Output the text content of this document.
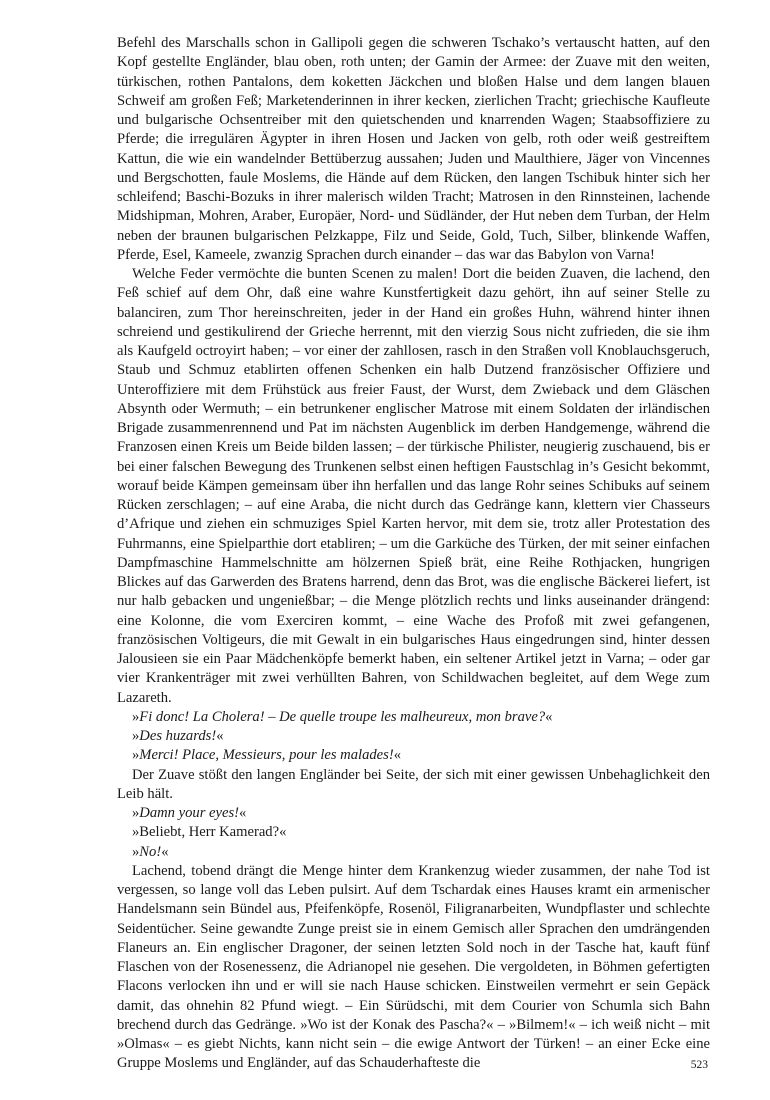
Befehl des Marschalls schon in Gallipoli gegen die schweren Tschako’s vertauscht hatten, auf den Kopf gestellte Engländer, blau oben, roth unten; der Gamin der Armee: der Zuave mit den weiten, türkischen, rothen Pantalons, dem koketten Jäckchen und bloßen Halse und dem langen blauen Schweif am großen Feß; Marketenderinnen in ihrer kecken, zierlichen Tracht; griechische Kaufleute und bulgarische Ochsentreiber mit den quietschenden und knarrenden Wagen; Staabsoffiziere zu Pferde; die irregulären Ägypter in ihren Hosen und Jacken von gelb, roth oder weiß gestreiftem Kattun, die wie ein wandelnder Bettüberzug aussahen; Juden und Maulthiere, Jäger von Vincennes und Bergschotten, faule Moslems, die Hände auf dem Rücken, den langen Tschibuk hinter sich her schleifend; Baschi-Bozuks in ihrer malerisch wilden Tracht; Matrosen in den Rinnsteinen, lachende Midshipman, Mohren, Araber, Europäer, Nord- und Südländer, der Hut neben dem Turban, der Helm neben der braunen bulgarischen Pelzkappe, Filz und Seide, Gold, Tuch, Silber, blinkende Waffen, Pferde, Esel, Kameele, zwanzig Sprachen durch einander – das war das Babylon von Varna!

Welche Feder vermöchte die bunten Scenen zu malen! Dort die beiden Zuaven, die lachend, den Feß schief auf dem Ohr, daß eine wahre Kunstfertigkeit dazu gehört, ihn auf seiner Stelle zu balanciren, zum Thor hereinschreiten, jeder in der Hand ein großes Huhn, während hinter ihnen schreiend und gestikulirend der Grieche herrennt, mit den vierzig Sous nicht zufrieden, die sie ihm als Kaufgeld octroyirt haben; – vor einer der zahllosen, rasch in den Straßen voll Knoblauchsgeruch, Staub und Schmuz etablirten offenen Schenken ein halb Dutzend französischer Offiziere und Unteroffiziere mit dem Frühstück aus freier Faust, der Wurst, dem Zwieback und dem Gläschen Absynth oder Wermuth; – ein betrunkener englischer Matrose mit einem Soldaten der irländischen Brigade zusammenrennend und Pat im nächsten Augenblick im derben Handgemenge, während die Franzosen einen Kreis um Beide bilden lassen; – der türkische Philister, neugierig zuschauend, bis er bei einer falschen Bewegung des Trunkenen selbst einen heftigen Faustschlag in’s Gesicht bekommt, worauf beide Kämpen gemeinsam über ihn herfallen und das lange Rohr seines Schibuks auf seinem Rücken zerschlagen; – auf eine Araba, die nicht durch das Gedränge kann, klettern vier Chasseurs d’Afrique und ziehen ein schmuziges Spiel Karten hervor, mit dem sie, trotz aller Protestation des Fuhrmanns, eine Spielparthie dort etabliren; – um die Garküche des Türken, der mit seiner einfachen Dampfmaschine Hammelschnitte am hölzernen Spieß brät, eine Reihe Rothjacken, hungrigen Blickes auf das Garwerden des Bratens harrend, denn das Brot, was die englische Bäckerei liefert, ist nur halb gebacken und ungenießbar; – die Menge plötzlich rechts und links auseinander drängend: eine Kolonne, die vom Exerciren kommt, – eine Wache des Profoß mit zwei gefangenen, französischen Voltigeurs, die mit Gewalt in ein bulgarisches Haus eingedrungen sind, hinter dessen Jalousieen sie ein Paar Mädchenköpfe bemerkt haben, ein seltener Artikel jetzt in Varna; – oder gar vier Krankenträger mit zwei verhüllten Bahren, von Schildwachen begleitet, auf dem Wege zum Lazareth.

»Fi donc! La Cholera! – De quelle troupe les malheureux, mon brave?«

»Des huzards!«

»Merci! Place, Messieurs, pour les malades!«

Der Zuave stößt den langen Engländer bei Seite, der sich mit einer gewissen Unbehaglichkeit den Leib hält.

»Damn your eyes!«

»Beliebt, Herr Kamerad?«

»No!«

Lachend, tobend drängt die Menge hinter dem Krankenzug wieder zusammen, der nahe Tod ist vergessen, so lange voll das Leben pulsirt. Auf dem Tschardak eines Hauses kramt ein armenischer Handelsmann sein Bündel aus, Pfeifenköpfe, Rosenöl, Filigranarbeiten, Wundpflaster und schlechte Seidentücher. Seine gewandte Zunge preist sie in einem Gemisch aller Sprachen den umdrängenden Flaneurs an. Ein englischer Dragoner, der seinen letzten Sold noch in der Tasche hat, kauft fünf Flaschen von der Rosenessenz, die Adrianopel nie gesehen. Die vergoldeten, in Böhmen gefertigten Flacons verlocken ihn und er will sie nach Hause schicken. Einstweilen vermehrt er sein Gepäck damit, das ohnehin 82 Pfund wiegt. – Ein Sürüdschi, mit dem Courier von Schumla sich Bahn brechend durch das Gedränge. »Wo ist der Konak des Pascha?« – »Bilmem!« – ich weiß nicht – mit »Olmas« – es giebt Nichts, kann nicht sein – die ewige Antwort der Türken! – an einer Ecke eine Gruppe Moslems und Engländer, auf das Schauderhafteste die	523
